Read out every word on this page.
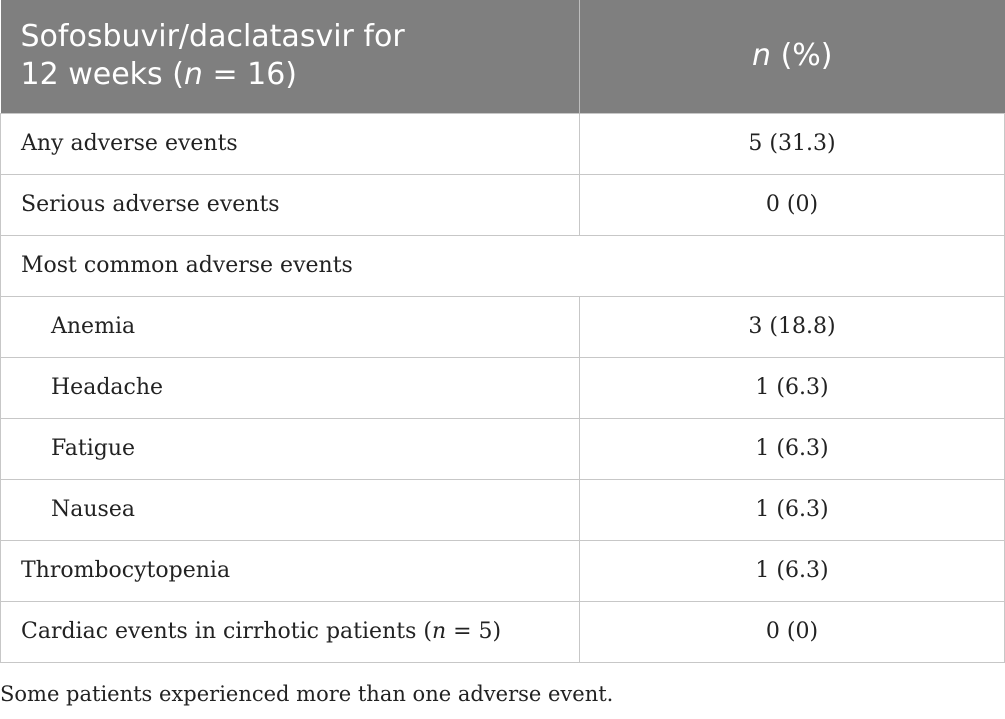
Sofosbuvir/daclatasvir for
12 weeks (n = 16)	n (%)
Any adverse events	5 (31.3)
Serious adverse events	0 (0)
Most common adverse events	
Anemia	3 (18.8)
Headache	1 (6.3)
Fatigue	1 (6.3)
Nausea	1 (6.3)
Thrombocytopenia	1 (6.3)
Cardiac events in cirrhotic patients (n = 5)	0 (0)
Some patients experienced more than one adverse event.
